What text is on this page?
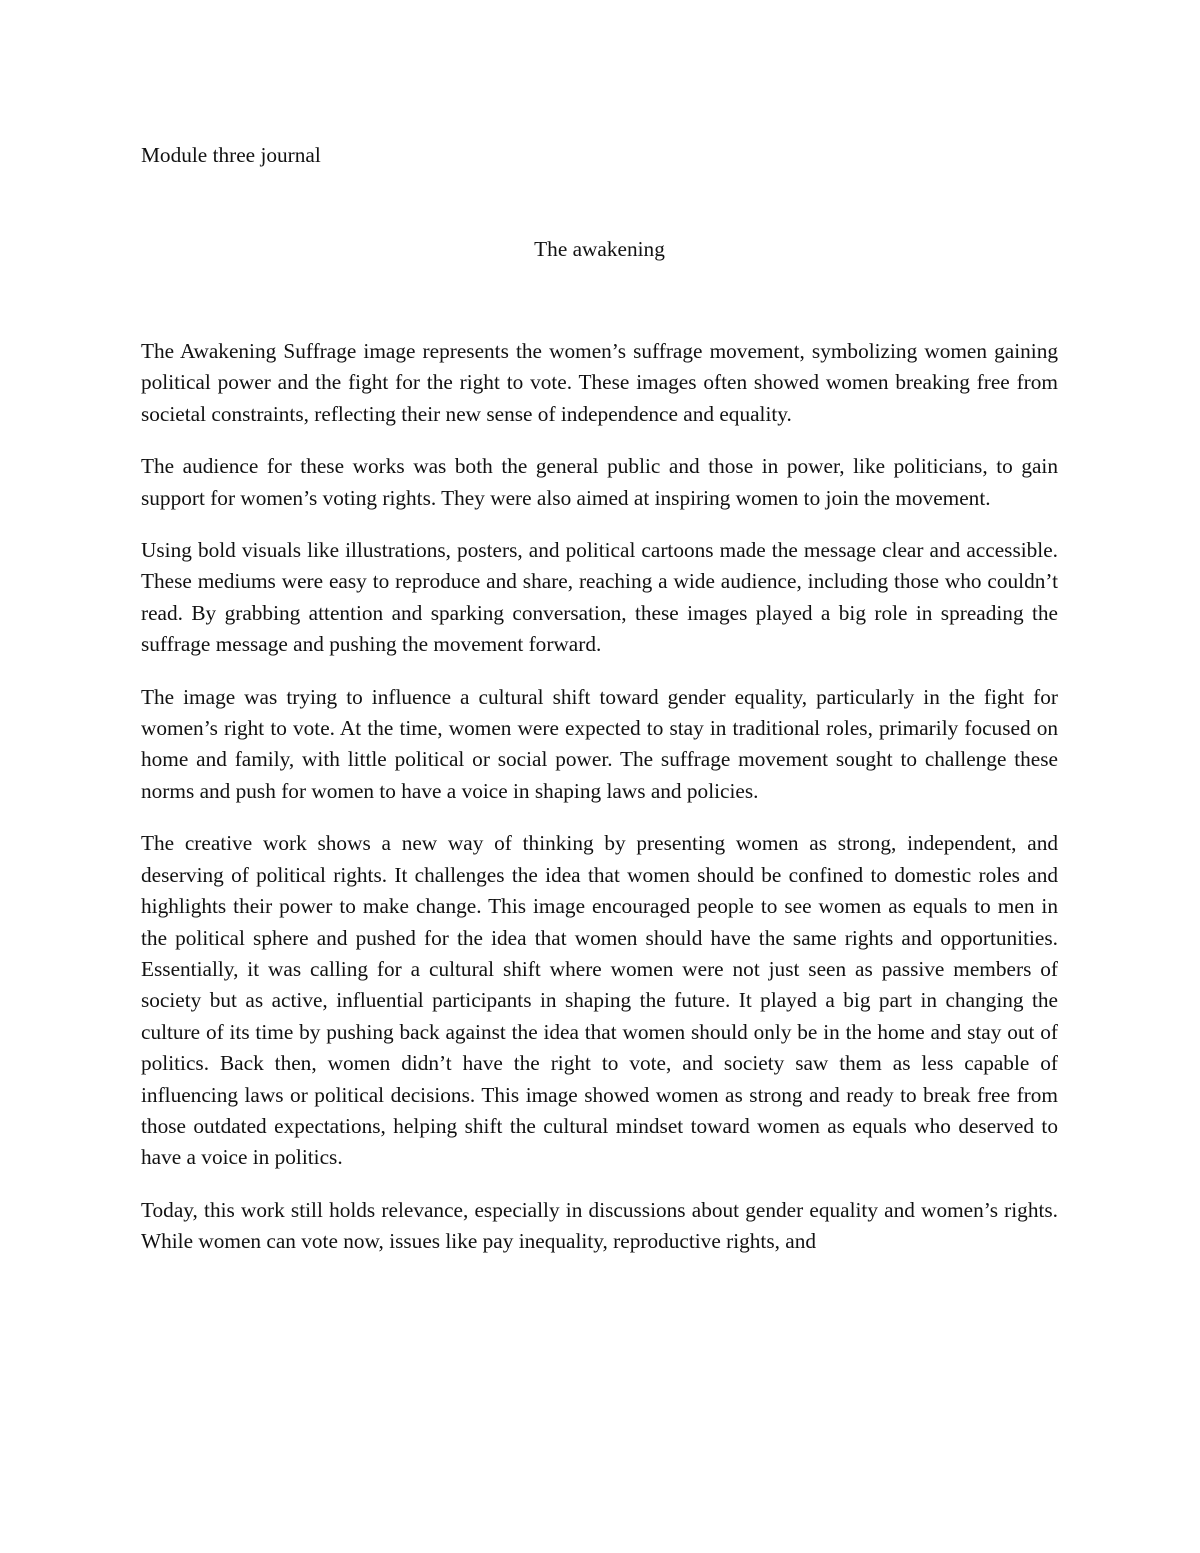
Module three journal

The awakening

The Awakening Suffrage image represents the women’s suffrage movement, symbolizing women gaining political power and the fight for the right to vote. These images often showed women breaking free from societal constraints, reflecting their new sense of independence and equality.

The audience for these works was both the general public and those in power, like politicians, to gain support for women’s voting rights. They were also aimed at inspiring women to join the movement.

Using bold visuals like illustrations, posters, and political cartoons made the message clear and accessible. These mediums were easy to reproduce and share, reaching a wide audience, including those who couldn’t read. By grabbing attention and sparking conversation, these images played a big role in spreading the suffrage message and pushing the movement forward.

The image was trying to influence a cultural shift toward gender equality, particularly in the fight for women’s right to vote. At the time, women were expected to stay in traditional roles, primarily focused on home and family, with little political or social power. The suffrage movement sought to challenge these norms and push for women to have a voice in shaping laws and policies.

The creative work shows a new way of thinking by presenting women as strong, independent, and deserving of political rights. It challenges the idea that women should be confined to domestic roles and highlights their power to make change. This image encouraged people to see women as equals to men in the political sphere and pushed for the idea that women should have the same rights and opportunities. Essentially, it was calling for a cultural shift where women were not just seen as passive members of society but as active, influential participants in shaping the future. It played a big part in changing the culture of its time by pushing back against the idea that women should only be in the home and stay out of politics. Back then, women didn’t have the right to vote, and society saw them as less capable of influencing laws or political decisions. This image showed women as strong and ready to break free from those outdated expectations, helping shift the cultural mindset toward women as equals who deserved to have a voice in politics.

Today, this work still holds relevance, especially in discussions about gender equality and women’s rights. While women can vote now, issues like pay inequality, reproductive rights, and
